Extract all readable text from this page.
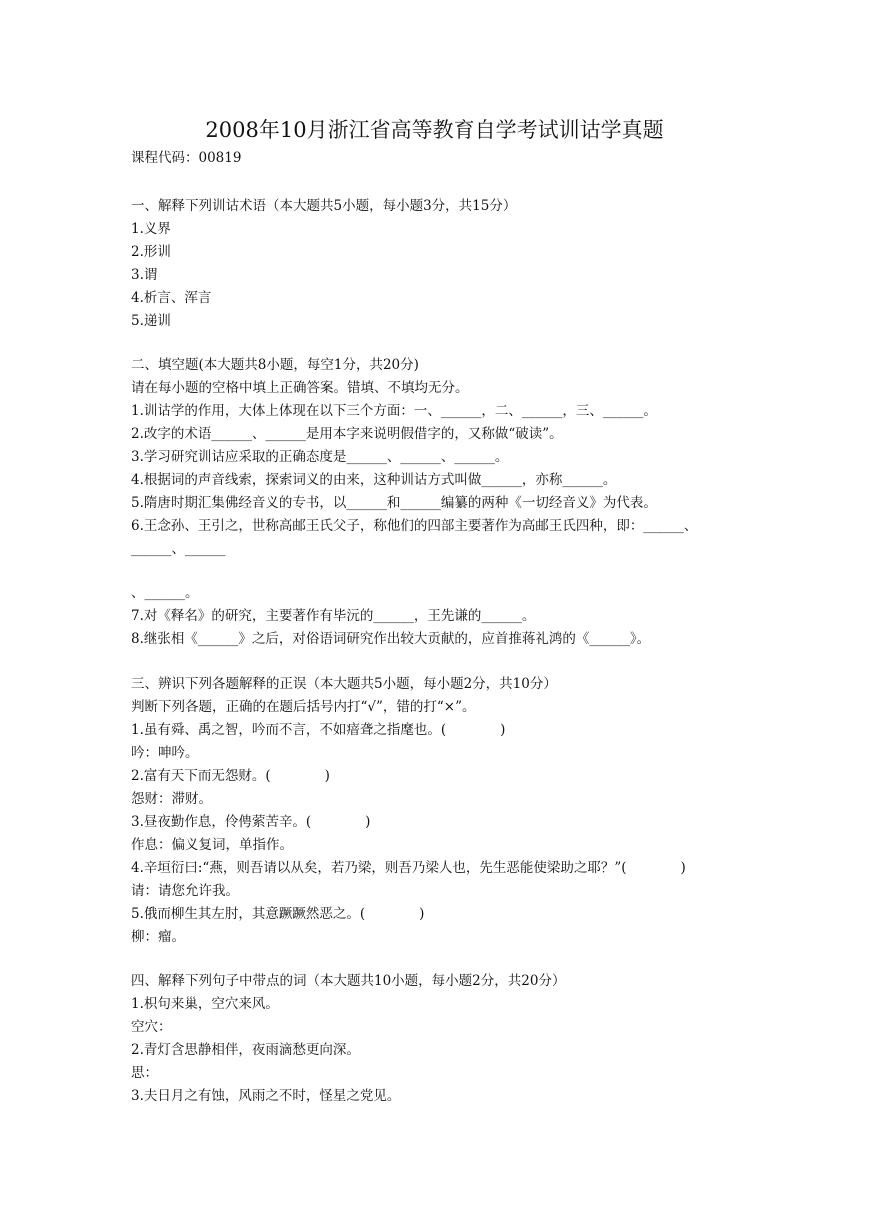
2008年10月浙江省高等教育自学考试训诂学真题
课程代码：00819
一、解释下列训诂术语（本大题共5小题，每小题3分，共15分）
1.义界
2.形训
3.谓
4.析言、浑言
5.递训
二、填空题(本大题共8小题，每空1分，共20分)
请在每小题的空格中填上正确答案。错填、不填均无分。
1.训诂学的作用，大体上体现在以下三个方面：一、______，二、______，三、______。
2.改字的术语______、______是用本字来说明假借字的，又称做“破读”。
3.学习研究训诂应采取的正确态度是______、______、______。
4.根据词的声音线索，探索词义的由来，这种训诂方式叫做______，亦称______。
5.隋唐时期汇集佛经音义的专书，以______和______编纂的两种《一切经音义》为代表。
6.王念孙、王引之，世称高邮王氏父子，称他们的四部主要著作为高邮王氏四种，即：______、
______、______
、______。
7.对《释名》的研究，主要著作有毕沅的______，王先谦的______。
8.继张相《______》之后，对俗语词研究作出较大贡献的，应首推蒋礼鸿的《______》。
三、辨识下列各题解释的正误（本大题共5小题，每小题2分，共10分）
判断下列各题，正确的在题后括号内打“√”，错的打“×”。
1.虽有舜、禹之智，吟而不言，不如瘖聋之指麾也。(　　　　)
吟：呻吟。
2.富有天下而无怨财。(　　　　)
怨财：滞财。
3.昼夜勤作息，伶俜萦苦辛。(　　　　)
作息：偏义复词，单指作。
4.辛垣衍曰:“燕，则吾请以从矣，若乃梁，则吾乃梁人也，先生恶能使梁助之耶？”(　　　　)
请：请您允许我。
5.俄而柳生其左肘，其意蹶蹶然恶之。(　　　　)
柳：瘤。
四、解释下列句子中带点的词（本大题共10小题，每小题2分，共20分）
1.枳句来巢，空穴来风。
空穴：
2.青灯含思静相伴，夜雨滴愁更向深。
思：
3.夫日月之有蚀，风雨之不时，怪星之党见。
